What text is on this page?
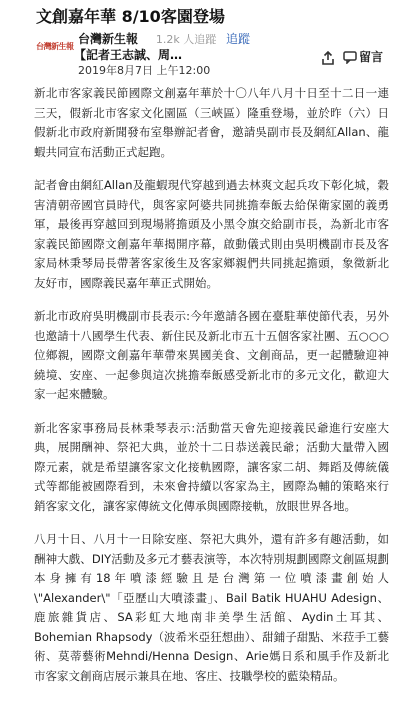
文創嘉年華 8/10客園登場
台灣新生報
台灣新生報 1.2k 人追蹤 追蹤
【記者王志誠、周…
2019年8月7日 上午12:00
留言

新北市客家義民節國際文創嘉年華於十〇八年八月十日至十二日一連三天，假新北市客家文化園區（三峽區）隆重登場，並於昨（六）日假新北市政府新聞發布室舉辦記者會，邀請吳副市長及網紅Allan、龍蝦共同宣布活動正式起跑。

記者會由網紅Allan及龍蝦現代穿越到過去林爽文起兵攻下彰化城，穀害清朝帝國官員時代，與客家阿婆共同挑擔奉飯去給保衛家園的義勇軍，最後再穿越回到現場將擔頭及小黑令旗交給副市長，為新北市客家義民節國際文創嘉年華揭開序幕，啟動儀式則由吳明機副市長及客家局林秉琴局長帶著客家後生及客家鄉親們共同挑起擔頭，象徵新北友好市，國際義民嘉年華正式開始。

新北市政府吳明機副市長表示:今年邀請各國在臺駐華使節代表，另外也邀請十八國學生代表、新住民及新北市五十五個客家社團、五○○○位鄉親，國際文創嘉年華帶來異國美食、文創商品，更一起體驗迎神繞境、安座、一起參與這次挑擔奉飯感受新北市的多元文化，歡迎大家一起來體驗。

新北客家事務局長林秉琴表示:活動當天會先迎接義民爺進行安座大典，展開酬神、祭祀大典，並於十二日恭送義民爺；活動大量帶入國際元素，就是希望讓客家文化接軌國際，讓客家二胡、舞蹈及傳統儀式等都能被國際看到，未來會持續以客家為主，國際為輔的策略來行銷客家文化，讓客家傳統文化傳承與國際接軌，放眼世界各地。

八月十日、八月十一日除安座、祭祀大典外，還有許多有趣活動，如酬神大戲、DIY活動及多元才藝表演等，本次特別規劃國際文創區規劃本身擁有18年噴漆經驗且是台灣第一位噴漆畫創始人\"Alexander\"「亞歷山大噴漆畫」、Bail Batik HUAHU Adesign、鹿旅雜貨店、SA彩虹大地南非美學生活館、Aydin土耳其、Bohemian Rhapsody（波希米亞狂想曲）、甜鋪子甜點、米菈手工藝術、莫蒂藝術Mehndi/Henna Design、Arie媽日系和風手作及新北市客家文創商店展示兼具在地、客庄、技職學校的藍染精品。
